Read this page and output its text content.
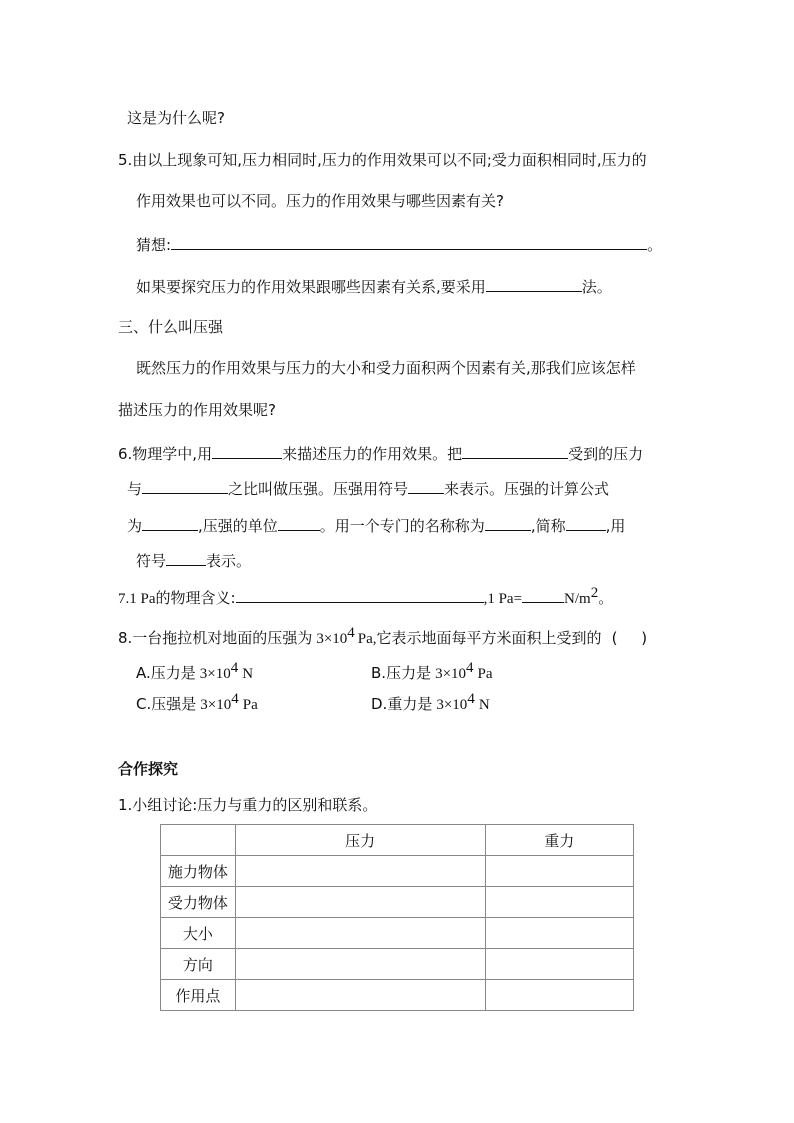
这是为什么呢?
5.由以上现象可知,压力相同时,压力的作用效果可以不同;受力面积相同时,压力的
作用效果也可以不同。压力的作用效果与哪些因素有关?
猜想:	。
如果要探究压力的作用效果跟哪些因素有关系,要采用	法。
三、什么叫压强
既然压力的作用效果与压力的大小和受力面积两个因素有关,那我们应该怎样
描述压力的作用效果呢?
6.物理学中,用	来描述压力的作用效果。把	受到的压力
与	之比叫做压强。压强用符号 来表示。压强的计算公式
为	,压强的单位	。用一个专门的名称称为	,简称	,用
符号	表示。
7.1 Pa的物理含义:	,1 Pa=	$N/m^2$。
8.一台拖拉机对地面的压强为 $3\times 10^4$ Pa,它表示地面每平方米面积上受到的 (     )
A.压力是 $3\times 10^4$ N	B.压力是 $3\times 10^4$ Pa
C.压强是 $3\times 10^4$ Pa	D.重力是 $3\times 10^4$ N
合作探究
1.小组讨论:压力与重力的区别和联系。
	压力	重力
施力物体		
受力物体		
大小		
方向		
作用点		
